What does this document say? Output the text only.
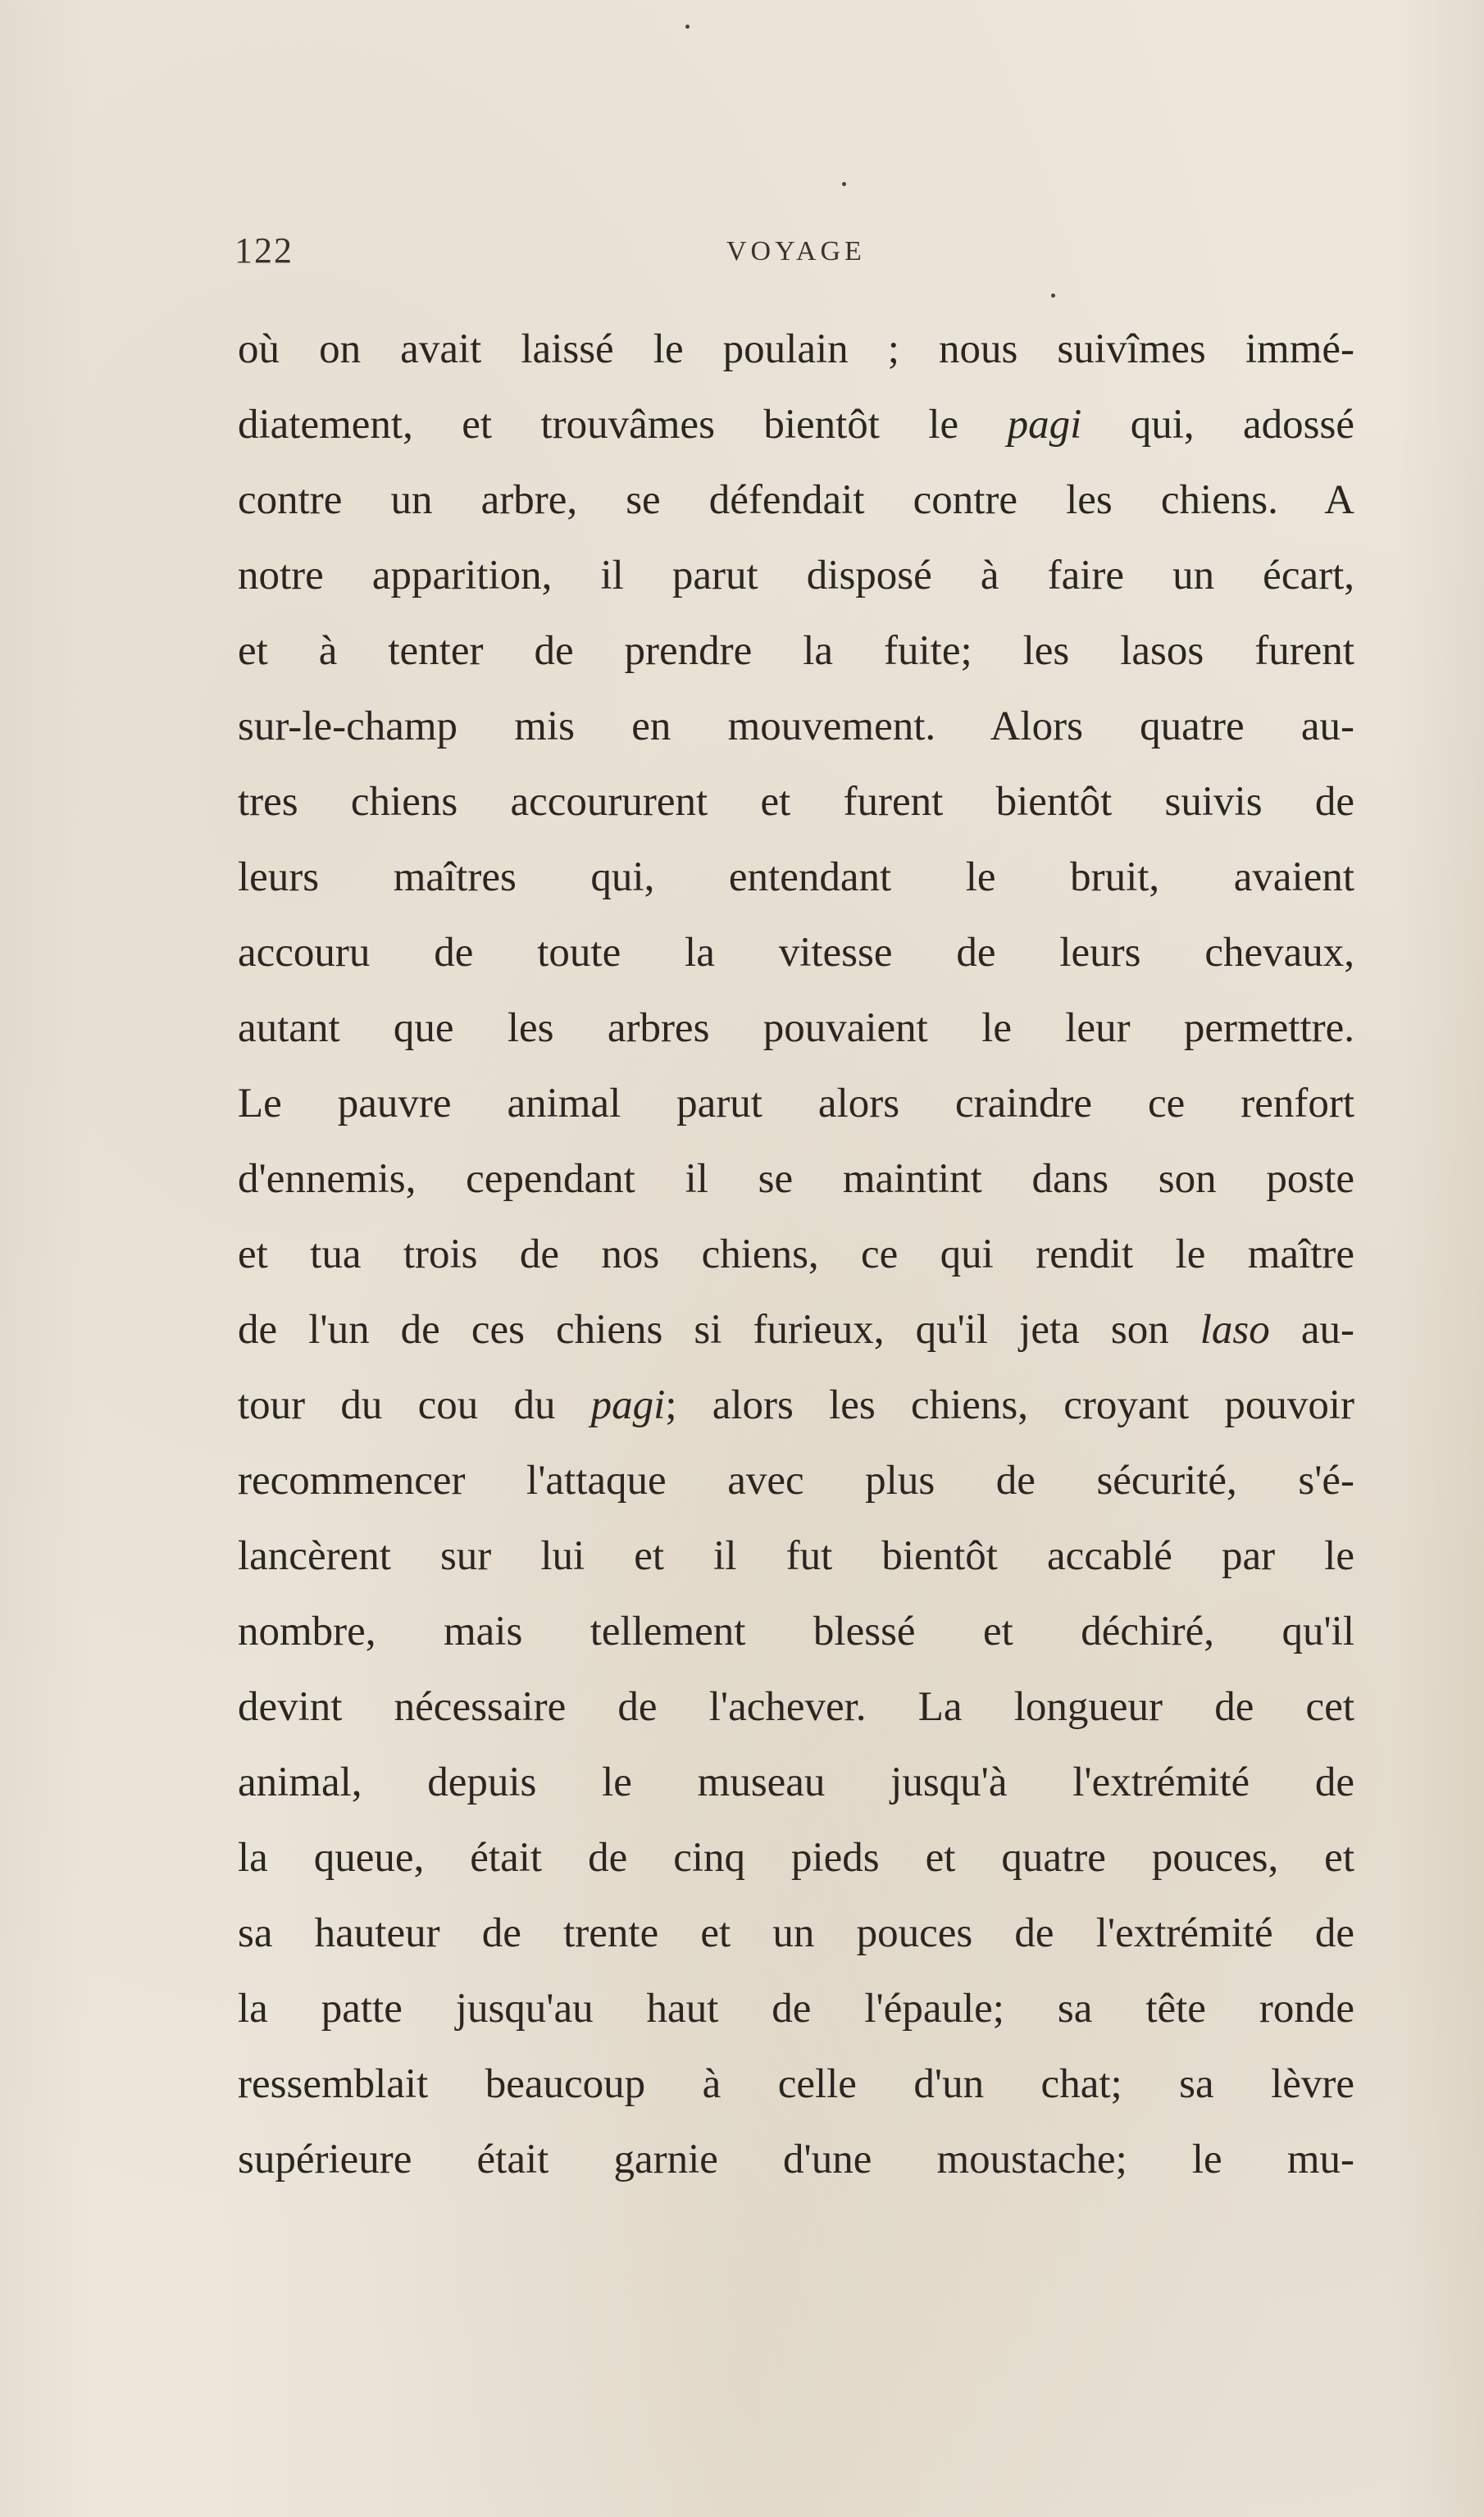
122	VOYAGE
où on avait laissé le poulain ; nous suivîmes immé-
diatement, et trouvâmes bientôt le pagi qui, adossé
contre un arbre, se défendait contre les chiens. A
notre apparition, il parut disposé à faire un écart,
et à tenter de prendre la fuite; les lasos furent
sur-le-champ mis en mouvement. Alors quatre au-
tres chiens accoururent et furent bientôt suivis de
leurs maîtres qui, entendant le bruit, avaient
accouru de toute la vitesse de leurs chevaux,
autant que les arbres pouvaient le leur permettre.
Le pauvre animal parut alors craindre ce renfort
d'ennemis, cependant il se maintint dans son poste
et tua trois de nos chiens, ce qui rendit le maître
de l'un de ces chiens si furieux, qu'il jeta son laso au-
tour du cou du pagi; alors les chiens, croyant pouvoir
recommencer l'attaque avec plus de sécurité, s'é-
lancèrent sur lui et il fut bientôt accablé par le
nombre, mais tellement blessé et déchiré, qu'il
devint nécessaire de l'achever. La longueur de cet
animal, depuis le museau jusqu'à l'extrémité de
la queue, était de cinq pieds et quatre pouces, et
sa hauteur de trente et un pouces de l'extrémité de
la patte jusqu'au haut de l'épaule; sa tête ronde
ressemblait beaucoup à celle d'un chat; sa lèvre
supérieure était garnie d'une moustache; le mu-
